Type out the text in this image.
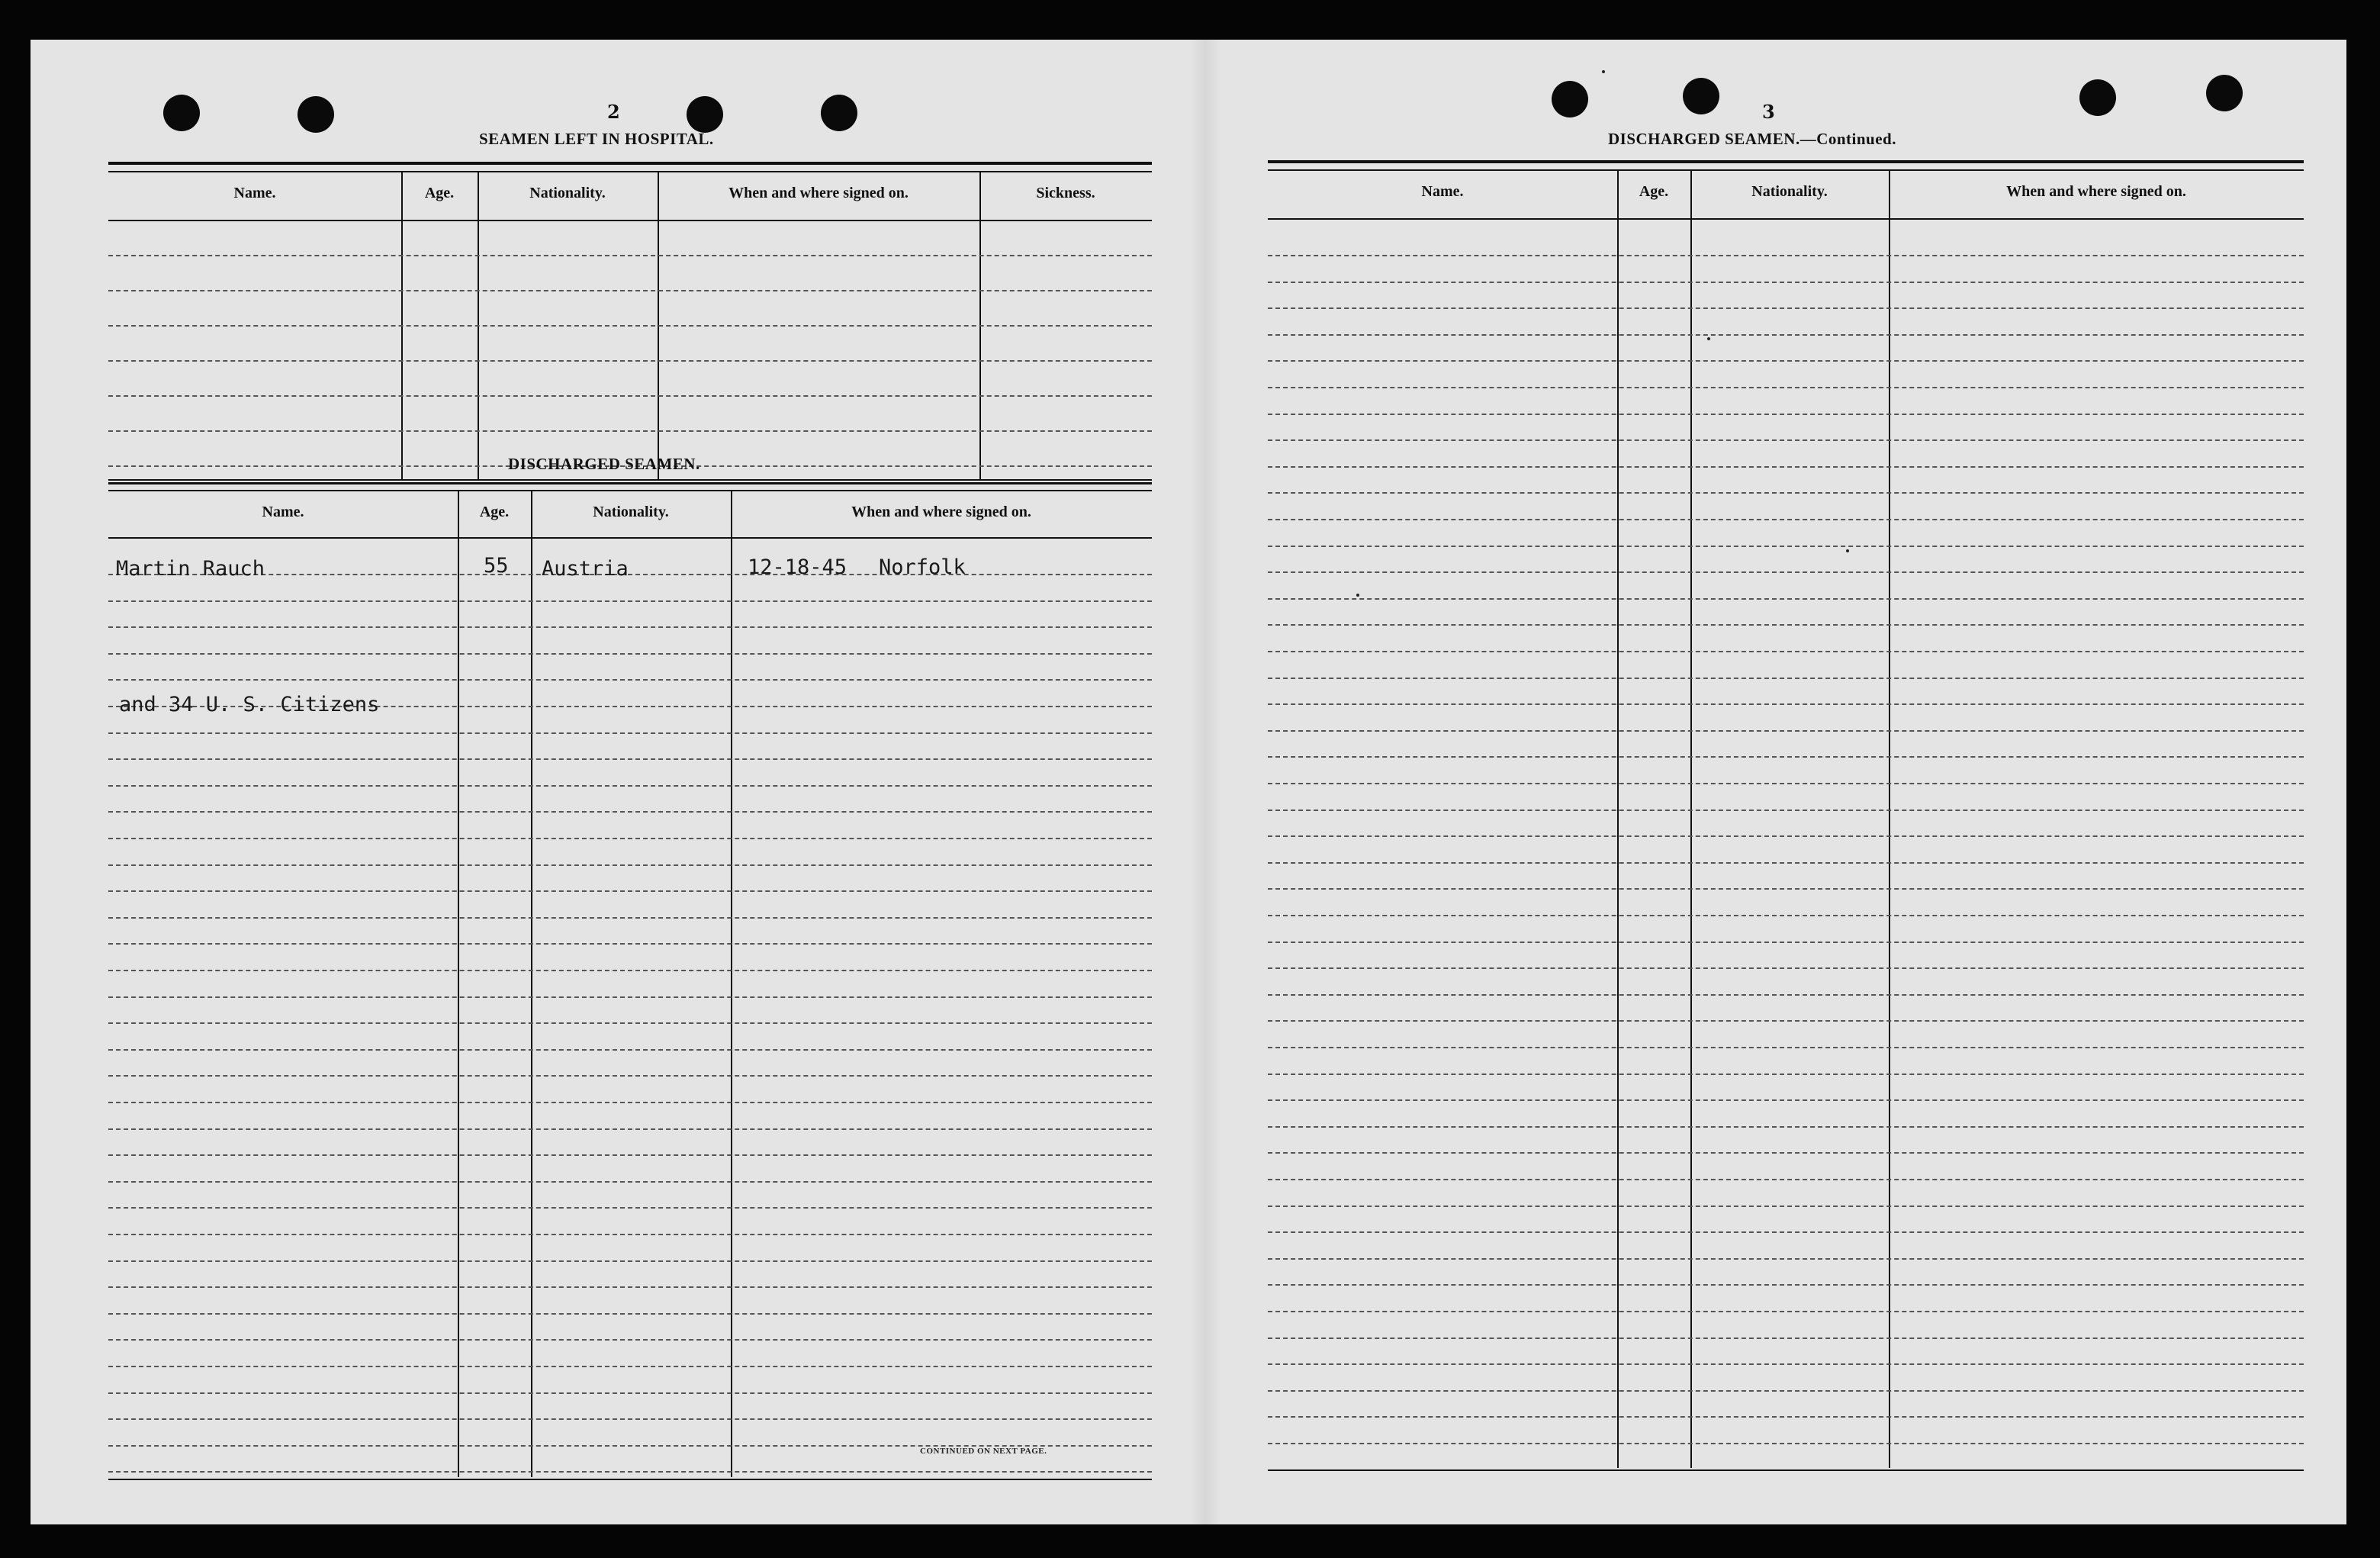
2
SEAMEN LEFT IN HOSPITAL.
Name.	Age.	Nationality.	When and where signed on.	Sickness.
DISCHARGED SEAMEN.
Name.	Age.	Nationality.	When and where signed on.
Martin Rauch	55 Austria	12-18-45 Norfolk
and 34 U. S. Citizens
CONTINUED ON NEXT PAGE.
3
DISCHARGED SEAMEN.—Continued.
Name.	Age.	Nationality.	When and where signed on.
